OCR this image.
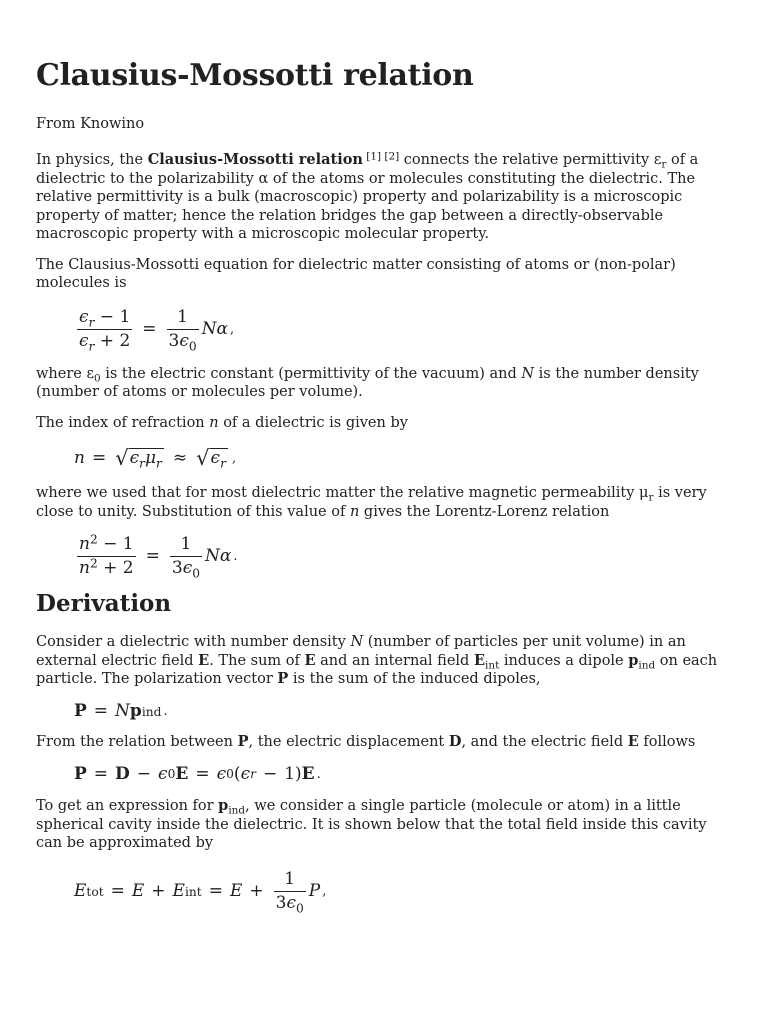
Clausius-Mossotti relation
From Knowino

In physics, the Clausius-Mossotti relation [1] [2] connects the relative permittivity $\varepsilon_r$ of a dielectric to the polarizability α of the atoms or molecules constituting the dielectric. The relative permittivity is a bulk (macroscopic) property and polarizability is a microscopic property of matter; hence the relation bridges the gap between a directly-observable macroscopic property with a microscopic molecular property.

The Clausius-Mossotti equation for dielectric matter consisting of atoms or (non-polar) molecules is

$\frac{\epsilon_r - 1}{\epsilon_r + 2} = \frac{1}{3\epsilon_0}$ Nα ,

where $\varepsilon_0$ is the electric constant (permittivity of the vacuum) and N is the number density (number of atoms or molecules per volume).

The index of refraction n of a dielectric is given by

n = √ $\epsilon_r\mu_r$ ≈ √ $\epsilon_r$ ,

where we used that for most dielectric matter the relative magnetic permeability $\mu_r$ is very close to unity. Substitution of this value of n gives the Lorentz-Lorenz relation

$\frac{n^2 - 1}{n^2 + 2} = \frac{1}{3\epsilon_0}$ Nα .
Derivation

Consider a dielectric with number density N (number of particles per unit volume) in an external electric field E. The sum of E and an internal field $E_{int}$ induces a dipole $p_{ind}$ on each particle. The polarization vector P is the sum of the induced dipoles,

P = N p ind .

From the relation between P, the electric displacement D, and the electric field E follows

P = D − ϵ 0 E = ϵ 0 ( ϵ r − 1) E .

To get an expression for $p_{ind}$, we consider a single particle (molecule or atom) in a little spherical cavity inside the dielectric. It is shown below that the total field inside this cavity can be approximated by

E tot = E + E int = $E + \frac{1}{3\epsilon_0}$ P ,
